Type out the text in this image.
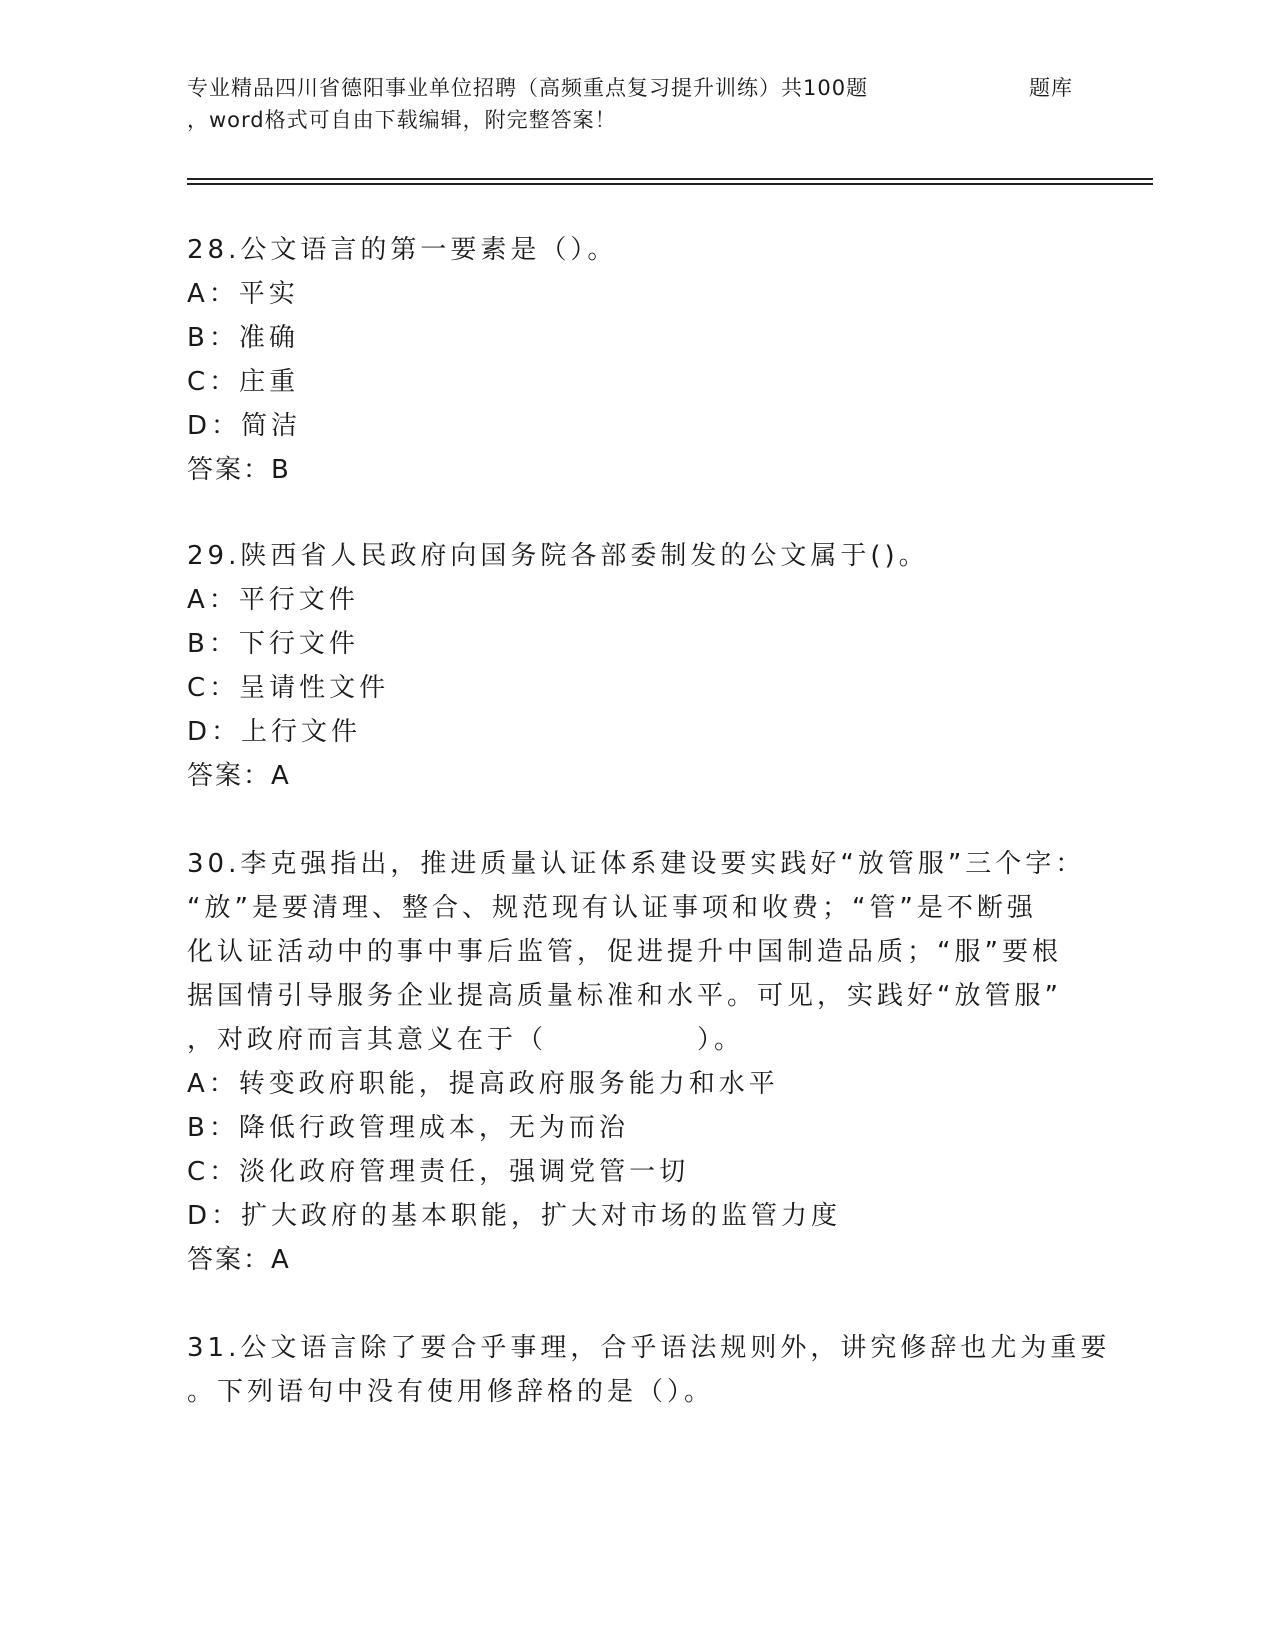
专业精品四川省德阳事业单位招聘（高频重点复习提升训练）共100题	题库
，word格式可自由下载编辑，附完整答案！
28.公文语言的第一要素是（）。
A：平实
B：准确
C：庄重
D：简洁
答案：B
29.陕西省人民政府向国务院各部委制发的公文属于()。
A：平行文件
B：下行文件
C：呈请性文件
D：上行文件
答案：A
30.李克强指出，推进质量认证体系建设要实践好“放管服”三个字：
“放”是要清理、整合、规范现有认证事项和收费；“管”是不断强
化认证活动中的事中事后监管，促进提升中国制造品质；“服”要根
据国情引导服务企业提高质量标准和水平。可见，实践好“放管服”
，对政府而言其意义在于（　　　　　）。
A：转变政府职能，提高政府服务能力和水平
B：降低行政管理成本，无为而治
C：淡化政府管理责任，强调党管一切
D：扩大政府的基本职能，扩大对市场的监管力度
答案：A
31.公文语言除了要合乎事理，合乎语法规则外，讲究修辞也尤为重要
。下列语句中没有使用修辞格的是（）。
